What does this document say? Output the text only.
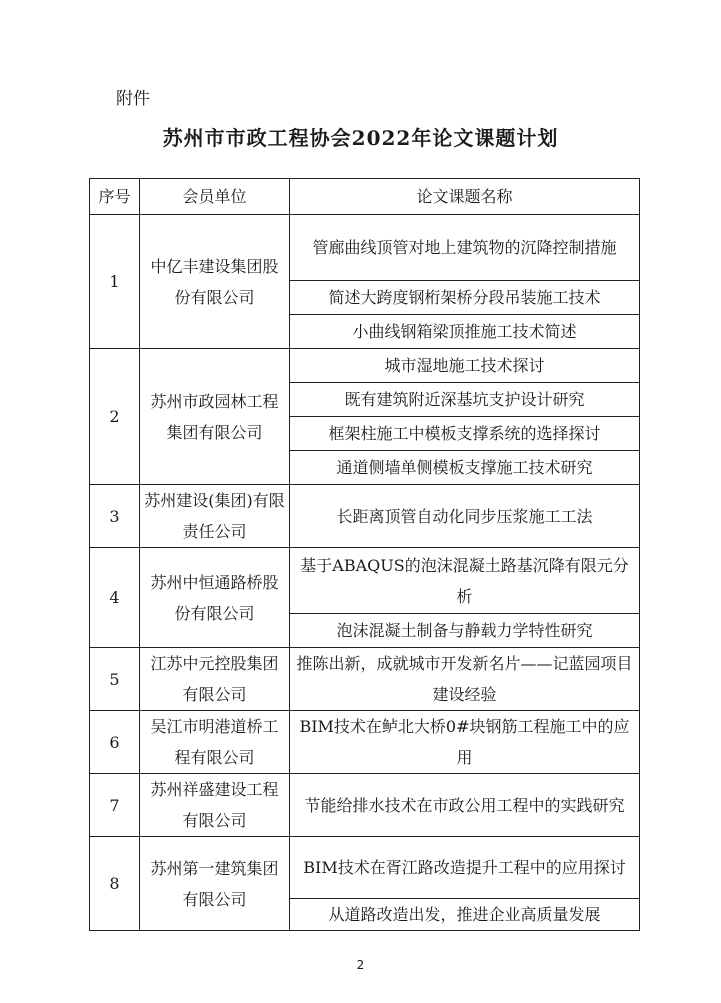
附件
苏州市市政工程协会2022年论文课题计划
序号	会员单位	论文课题名称
1	中亿丰建设集团股份有限公司	管廊曲线顶管对地上建筑物的沉降控制措施
		简述大跨度钢桁架桥分段吊装施工技术
		小曲线钢箱梁顶推施工技术简述
2	苏州市政园林工程集团有限公司	城市湿地施工技术探讨
		既有建筑附近深基坑支护设计研究
		框架柱施工中模板支撑系统的选择探讨
		通道侧墙单侧模板支撑施工技术研究
3	苏州建设(集团)有限责任公司	长距离顶管自动化同步压浆施工工法
4	苏州中恒通路桥股份有限公司	基于ABAQUS的泡沫混凝土路基沉降有限元分析
		泡沫混凝土制备与静载力学特性研究
5	江苏中元控股集团有限公司	推陈出新，成就城市开发新名片——记蓝园项目建设经验
6	吴江市明港道桥工程有限公司	BIM技术在鲈北大桥0#块钢筋工程施工中的应用
7	苏州祥盛建设工程有限公司	节能给排水技术在市政公用工程中的实践研究
8	苏州第一建筑集团有限公司	BIM技术在胥江路改造提升工程中的应用探讨
		从道路改造出发，推进企业高质量发展
2
